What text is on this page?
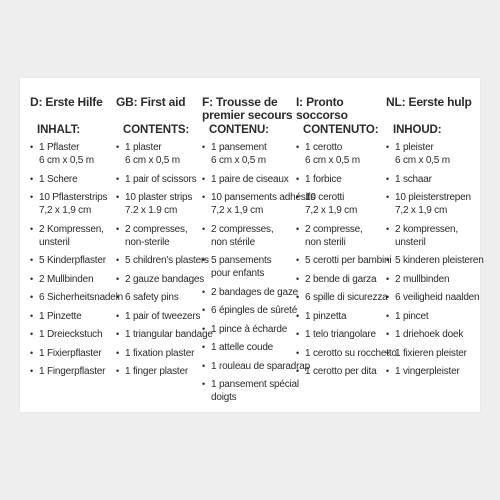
D: Erste Hilfe

INHALT:

• 1 Pflaster
6 cm x 0,5 m
• 1 Schere
• 10 Pflasterstrips
7,2 x 1,9 cm
• 2 Kompressen,
unsteril
• 5 Kinderpflaster
• 2 Mullbinden
• 6 Sicherheitsnadeln
• 1 Pinzette
• 1 Dreieckstuch
• 1 Fixierpflaster
• 1 Fingerpflaster

GB: First aid

CONTENTS:

• 1 plaster
6 cm x 0,5 m
• 1 pair of scissors
• 10 plaster strips
7.2 x 1.9 cm
• 2 compresses,
non-sterile
• 5 children's plasters
• 2 gauze bandages
• 6 safety pins
• 1 pair of tweezers
• 1 triangular bandage
• 1 fixation plaster
• 1 finger plaster

F: Trousse de premier secours

CONTENU:

• 1 pansement
6 cm x 0,5 m
• 1 paire de ciseaux
• 10 pansements adhésifs
7,2 x 1,9 cm
• 2 compresses,
non stérile
• 5 pansements
pour enfants
• 2 bandages de gaze
• 6 épingles de sûreté
• 1 pince à écharde
• 1 attelle coude
• 1 rouleau de sparadrap
• 1 pansement spécial
doigts

I: Pronto soccorso

CONTENUTO:

• 1 cerotto
6 cm x 0,5 m
• 1 forbice
• 10 cerotti
7,2 x 1,9 cm
• 2 compresse,
non sterili
• 5 cerotti per bambini
• 2 bende di garza
• 6 spille di sicurezza
• 1 pinzetta
• 1 telo triangolare
• 1 cerotto su rocchetto
• 1 cerotto per dita

NL: Eerste hulp

INHOUD:

• 1 pleister
6 cm x 0,5 m
• 1 schaar
• 10 pleisterstrepen
7,2 x 1,9 cm
• 2 kompressen,
unsteril
• 5 kinderen pleisteren
• 2 mullbinden
• 6 veiligheid naalden
• 1 pincet
• 1 driehoek doek
• 1 fixieren pleister
• 1 vingerpleister
